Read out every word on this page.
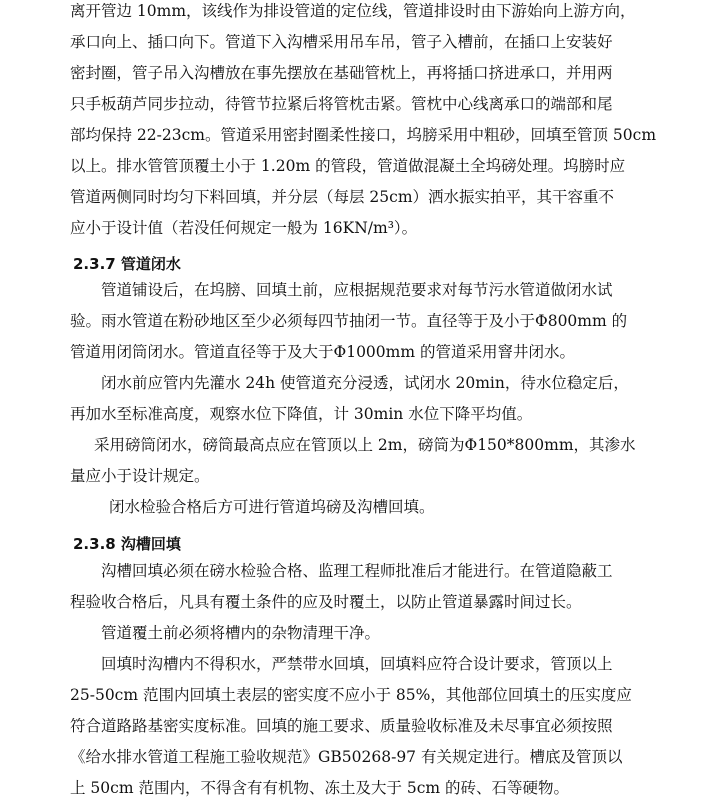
离开管边 10mm，该线作为排设管道的定位线，管道排设时由下游始向上游方向，
承口向上、插口向下。管道下入沟槽采用吊车吊，管子入槽前，在插口上安装好
密封圈，管子吊入沟槽放在事先摆放在基础管枕上，再将插口挤进承口，并用两
只手板葫芦同步拉动，待管节拉紧后将管枕击紧。管枕中心线离承口的端部和尾
部均保持 22-23cm。管道采用密封圈柔性接口，坞膀采用中粗砂，回填至管顶 50cm
以上。排水管管顶覆土小于 1.20m 的管段，管道做混凝土全坞磅处理。坞膀时应
管道两侧同时均匀下料回填，并分层（每层 25cm）洒水振实拍平，其干容重不
应小于设计值（若没任何规定一般为 16KN/m³）。
2.3.7 管道闭水
管道铺设后，在坞膀、回填土前，应根据规范要求对每节污水管道做闭水试
验。雨水管道在粉砂地区至少必须每四节抽闭一节。直径等于及小于Φ800mm 的
管道用闭筒闭水。管道直径等于及大于Φ1000mm 的管道采用窨井闭水。
闭水前应管内先灌水 24h 使管道充分浸透，试闭水 20min，待水位稳定后，
再加水至标准高度，观察水位下降值，计 30min 水位下降平均值。
采用磅筒闭水，磅筒最高点应在管顶以上 2m，磅筒为Φ150*800mm，其渗水
量应小于设计规定。
闭水检验合格后方可进行管道坞磅及沟槽回填。
2.3.8 沟槽回填
沟槽回填必须在磅水检验合格、监理工程师批准后才能进行。在管道隐蔽工
程验收合格后，凡具有覆土条件的应及时覆土，以防止管道暴露时间过长。
管道覆土前必须将槽内的杂物清理干净。
回填时沟槽内不得积水，严禁带水回填，回填料应符合设计要求，管顶以上
25-50cm 范围内回填土表层的密实度不应小于 85%，其他部位回填土的压实度应
符合道路路基密实度标准。回填的施工要求、质量验收标准及未尽事宜必须按照
《给水排水管道工程施工验收规范》GB50268-97 有关规定进行。槽底及管顶以
上 50cm 范围内，不得含有有机物、冻土及大于 5cm 的砖、石等硬物。
